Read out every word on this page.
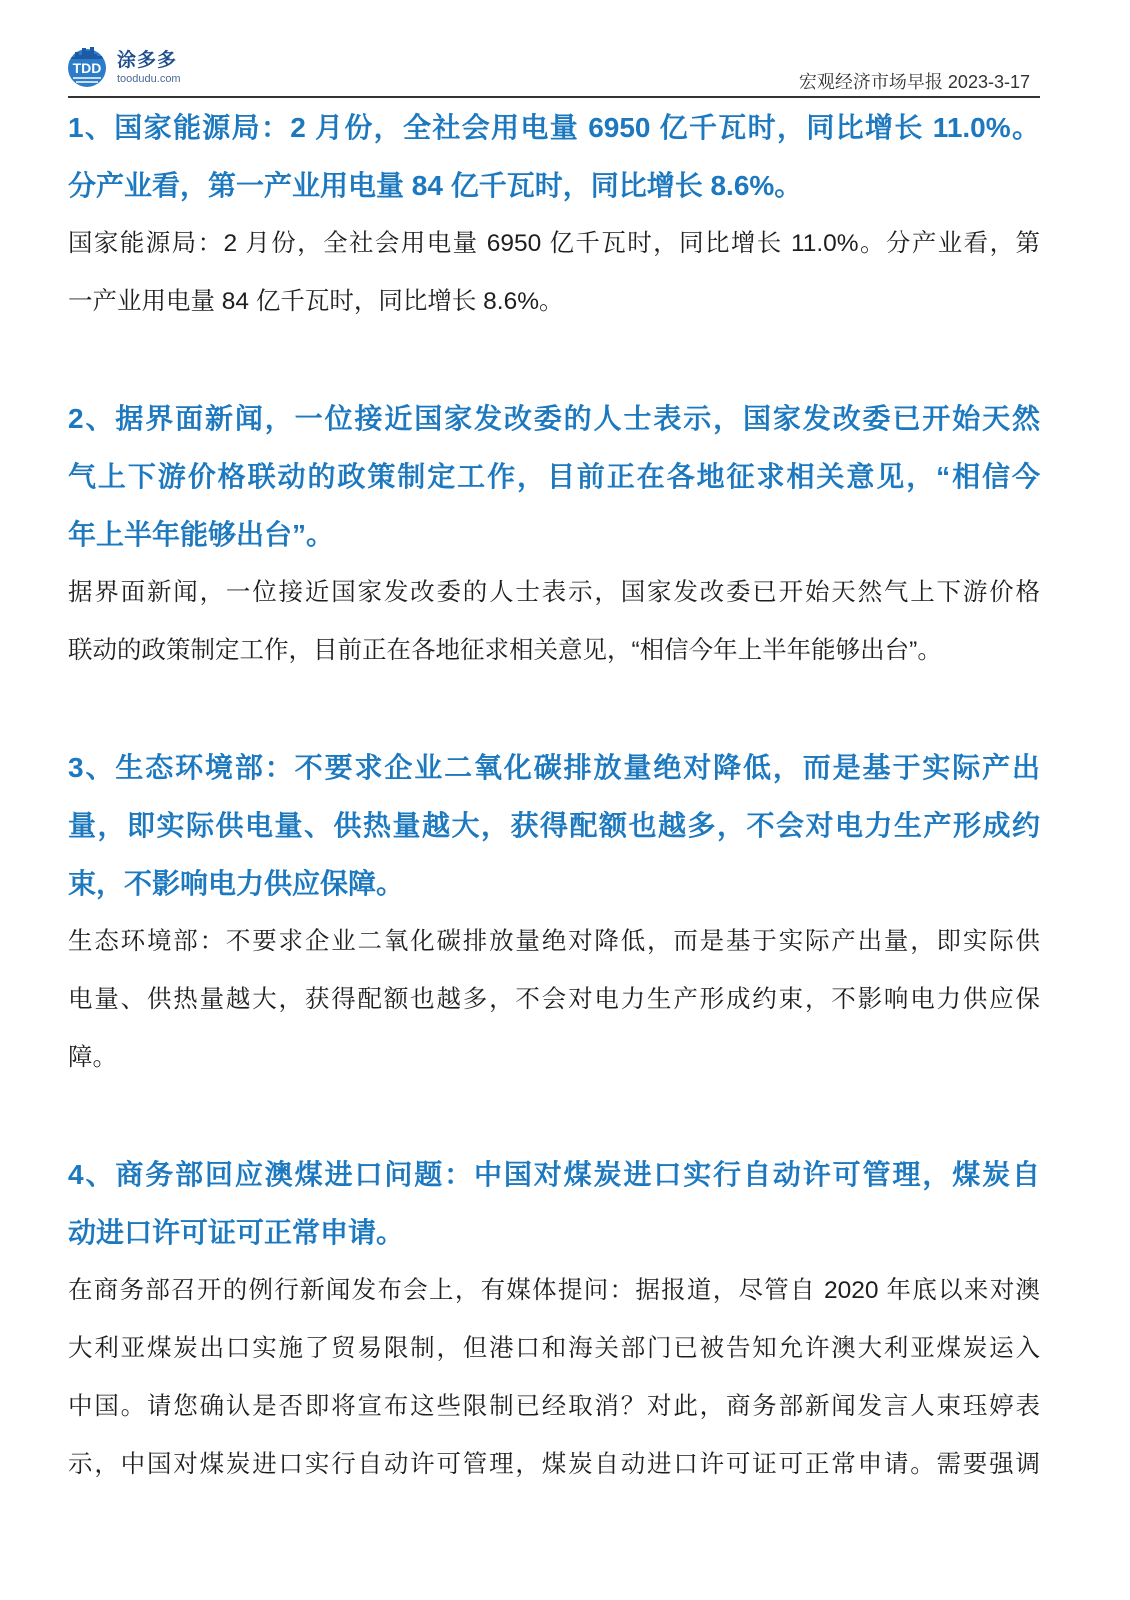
TDD 涂多多
toodudu.com	宏观经济市场早报 2023-3-17
1、国家能源局：2 月份，全社会用电量 6950 亿千瓦时，同比增长 11.0%。
分产业看，第一产业用电量 84 亿千瓦时，同比增长 8.6%。
国家能源局：2 月份，全社会用电量 6950 亿千瓦时，同比增长 11.0%。分产业看，第
一产业用电量 84 亿千瓦时，同比增长 8.6%。
2、据界面新闻，一位接近国家发改委的人士表示，国家发改委已开始天然
气上下游价格联动的政策制定工作，目前正在各地征求相关意见，“相信今
年上半年能够出台”。
据界面新闻，一位接近国家发改委的人士表示，国家发改委已开始天然气上下游价格
联动的政策制定工作，目前正在各地征求相关意见，“相信今年上半年能够出台”。
3、生态环境部：不要求企业二氧化碳排放量绝对降低，而是基于实际产出
量，即实际供电量、供热量越大，获得配额也越多，不会对电力生产形成约
束，不影响电力供应保障。
生态环境部：不要求企业二氧化碳排放量绝对降低，而是基于实际产出量，即实际供
电量、供热量越大，获得配额也越多，不会对电力生产形成约束，不影响电力供应保
障。
4、商务部回应澳煤进口问题：中国对煤炭进口实行自动许可管理，煤炭自
动进口许可证可正常申请。
在商务部召开的例行新闻发布会上，有媒体提问：据报道，尽管自 2020 年底以来对澳
大利亚煤炭出口实施了贸易限制，但港口和海关部门已被告知允许澳大利亚煤炭运入
中国。请您确认是否即将宣布这些限制已经取消？对此，商务部新闻发言人束珏婷表
示，中国对煤炭进口实行自动许可管理，煤炭自动进口许可证可正常申请。需要强调
